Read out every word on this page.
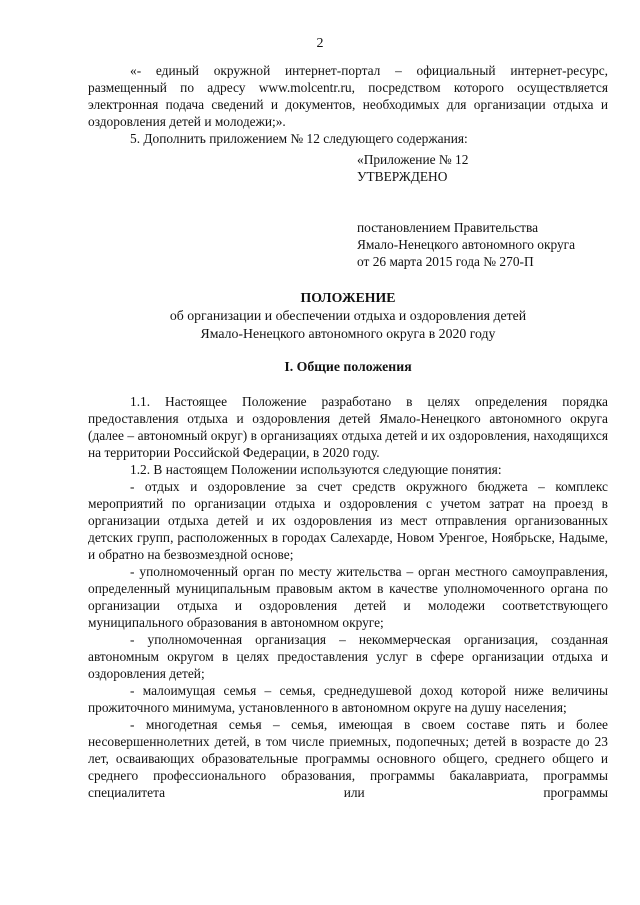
2

«- единый окружной интернет-портал – официальный интернет-ресурс, размещенный по адресу www.molcentr.ru, посредством которого осуществляется электронная подача сведений и документов, необходимых для организации отдыха и оздоровления детей и молодежи;».

5. Дополнить приложением № 12 следующего содержания:

«Приложение № 12
УТВЕРЖДЕНО
постановлением Правительства
Ямало-Ненецкого автономного округа
от 26 марта 2015 года № 270-П
ПОЛОЖЕНИЕ
об организации и обеспечении отдыха и оздоровления детей
Ямало-Ненецкого автономного округа в 2020 году
I. Общие положения

1.1. Настоящее Положение разработано в целях определения порядка предоставления отдыха и оздоровления детей Ямало-Ненецкого автономного округа (далее – автономный округ) в организациях отдыха детей и их оздоровления, находящихся на территории Российской Федерации, в 2020 году.

1.2. В настоящем Положении используются следующие понятия:

- отдых и оздоровление за счет средств окружного бюджета – комплекс мероприятий по организации отдыха и оздоровления с учетом затрат на проезд в организации отдыха детей и их оздоровления из мест отправления организованных детских групп, расположенных в городах Салехарде, Новом Уренгое, Ноябрьске, Надыме, и обратно на безвозмездной основе;

- уполномоченный орган по месту жительства – орган местного самоуправления, определенный муниципальным правовым актом в качестве уполномоченного органа по организации отдыха и оздоровления детей и молодежи соответствующего муниципального образования в автономном округе;

- уполномоченная организация – некоммерческая организация, созданная автономным округом в целях предоставления услуг в сфере организации отдыха и оздоровления детей;

- малоимущая семья – семья, среднедушевой доход которой ниже величины прожиточного минимума, установленного в автономном округе на душу населения;

- многодетная семья – семья, имеющая в своем составе пять и более несовершеннолетних детей, в том числе приемных, подопечных; детей в возрасте до 23 лет, осваивающих образовательные программы основного общего, среднего общего и среднего профессионального образования, программы бакалавриата, программы специалитета или программы
